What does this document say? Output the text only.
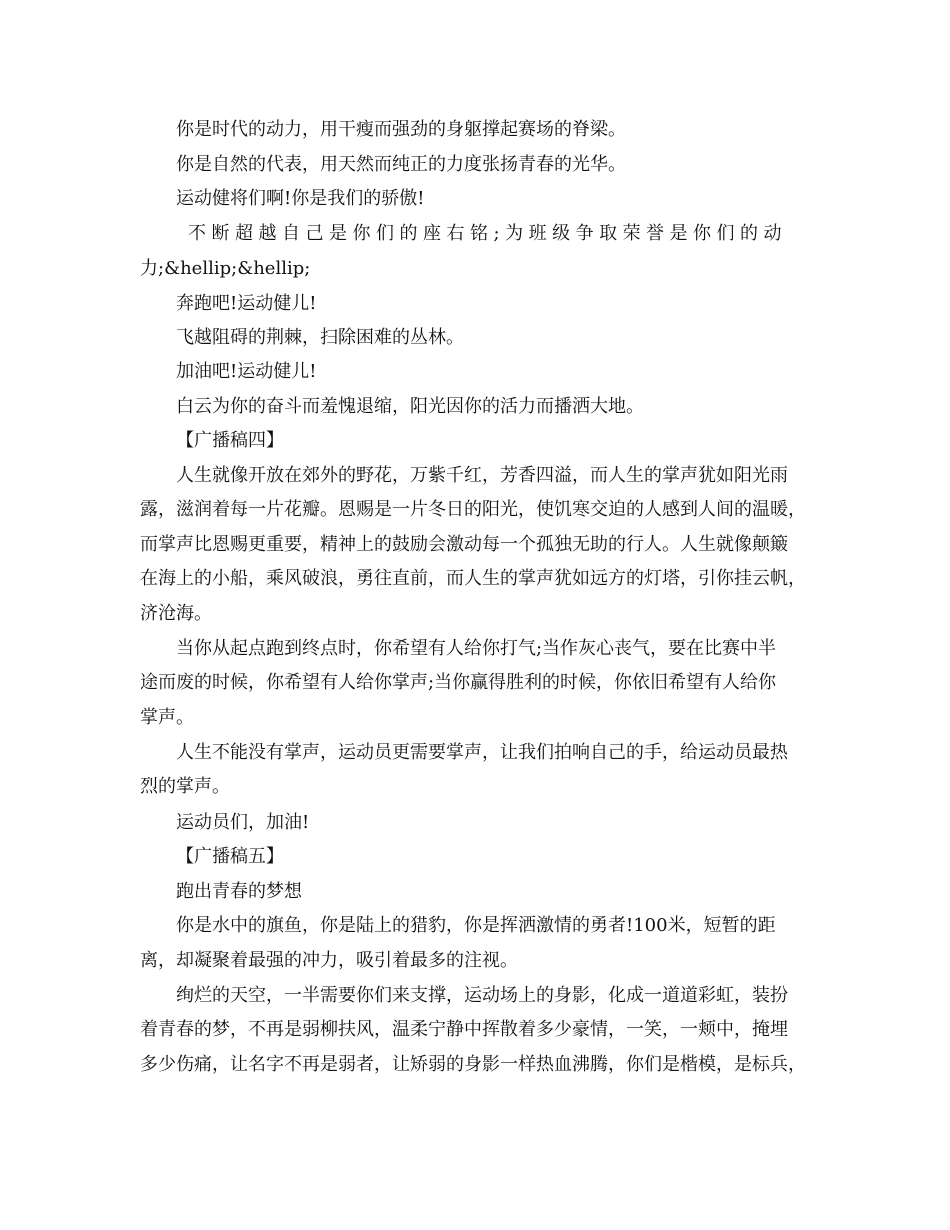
你是时代的动力，用干瘦而强劲的身躯撑起赛场的脊梁。
你是自然的代表，用天然而纯正的力度张扬青春的光华。
运动健将们啊!你是我们的骄傲!
不断超越自己是你们的座右铭;为班级争取荣誉是你们的动
力;&hellip;&hellip;
奔跑吧!运动健儿!
飞越阻碍的荆棘，扫除困难的丛林。
加油吧!运动健儿!
白云为你的奋斗而羞愧退缩，阳光因你的活力而播洒大地。
【广播稿四】
人生就像开放在郊外的野花，万紫千红，芳香四溢，而人生的掌声犹如阳光雨
露，滋润着每一片花瓣。恩赐是一片冬日的阳光，使饥寒交迫的人感到人间的温暖，
而掌声比恩赐更重要，精神上的鼓励会激动每一个孤独无助的行人。人生就像颠簸
在海上的小船，乘风破浪，勇往直前，而人生的掌声犹如远方的灯塔，引你挂云帆，
济沧海。
当你从起点跑到终点时，你希望有人给你打气;当作灰心丧气，要在比赛中半
途而废的时候，你希望有人给你掌声;当你赢得胜利的时候，你依旧希望有人给你
掌声。
人生不能没有掌声，运动员更需要掌声，让我们拍响自己的手，给运动员最热
烈的掌声。
运动员们，加油!
【广播稿五】
跑出青春的梦想
你是水中的旗鱼，你是陆上的猎豹，你是挥洒激情的勇者!100米，短暂的距
离，却凝聚着最强的冲力，吸引着最多的注视。
绚烂的天空，一半需要你们来支撑，运动场上的身影，化成一道道彩虹，装扮
着青春的梦，不再是弱柳扶风，温柔宁静中挥散着多少豪情，一笑，一颊中，掩埋
多少伤痛，让名字不再是弱者，让矫弱的身影一样热血沸腾，你们是楷模，是标兵，
